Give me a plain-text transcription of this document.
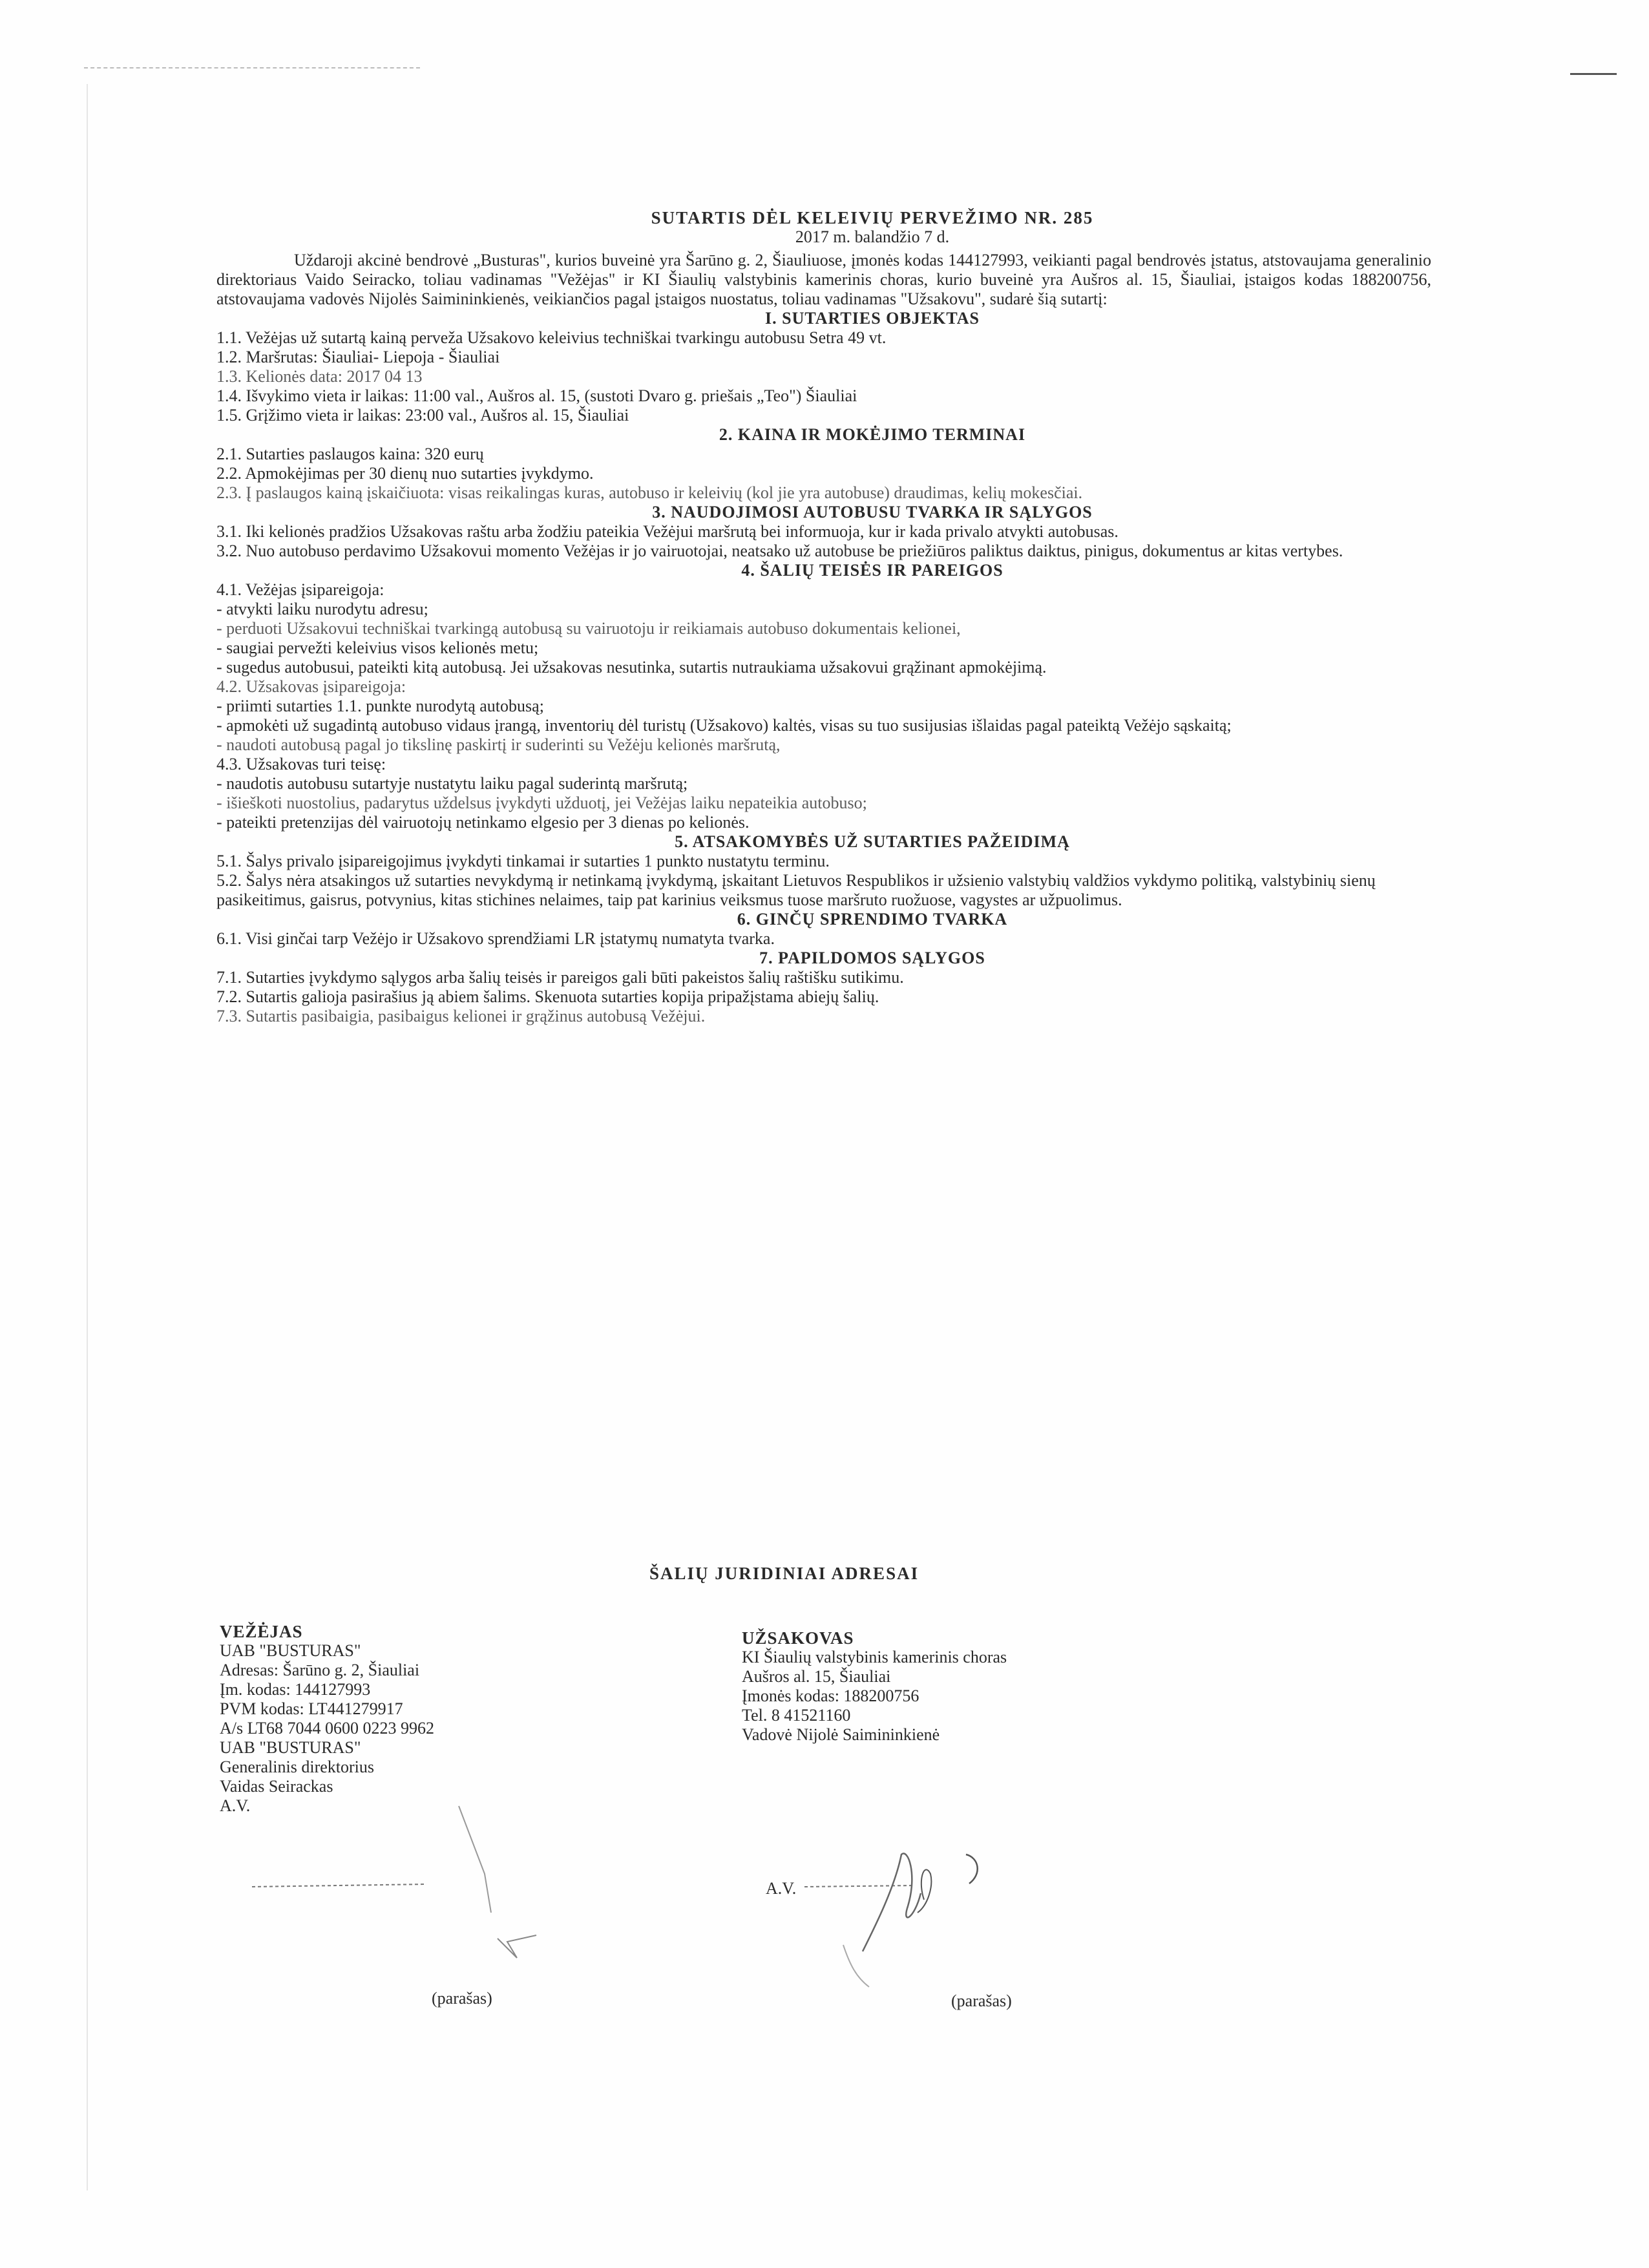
SUTARTIS DĖL KELEIVIŲ PERVEŽIMO NR. 285
2017 m. balandžio 7 d.

Uždaroji akcinė bendrovė „Busturas", kurios buveinė yra Šarūno g. 2, Šiauliuose, įmonės kodas 144127993, veikianti pagal bendrovės įstatus, atstovaujama generalinio direktoriaus Vaido Seirackо, toliau vadinamas "Vežėjas" ir KI Šiaulių valstybinis kamerinis choras, kurio buveinė yra Aušros al. 15, Šiauliai, įstaigos kodas 188200756, atstovaujama vadovės Nijolės Saimininkienės, veikiančios pagal įstaigos nuostatus, toliau vadinamas "Užsakovu", sudarė šią sutartį:

I. SUTARTIES OBJEKTAS

1.1. Vežėjas už sutartą kainą perveža Užsakovo keleivius techniškai tvarkingu autobusu Setra 49 vt.

1.2. Maršrutas: Šiauliai- Liepoja - Šiauliai

1.3. Kelionės data: 2017 04 13

1.4. Išvykimo vieta ir laikas: 11:00 val., Aušros al. 15, (sustoti Dvaro g. priešais „Teo") Šiauliai

1.5. Grįžimo vieta ir laikas: 23:00 val., Aušros al. 15, Šiauliai

2. KAINA IR MOKĖJIMO TERMINAI

2.1. Sutarties paslaugos kaina: 320 eurų

2.2. Apmokėjimas per 30 dienų nuo sutarties įvykdymo.

2.3. Į paslaugos kainą įskaičiuota: visas reikalingas kuras, autobuso ir keleivių (kol jie yra autobuse) draudimas, kelių mokesčiai.

3. NAUDOJIMOSI AUTOBUSU TVARKA IR SĄLYGOS

3.1. Iki kelionės pradžios Užsakovas raštu arba žodžiu pateikia Vežėjui maršrutą bei informuoja, kur ir kada privalo atvykti autobusas.

3.2. Nuo autobuso perdavimo Užsakovui momento Vežėjas ir jo vairuotojai, neatsako už autobuse be priežiūros paliktus daiktus, pinigus, dokumentus ar kitas vertybes.

4. ŠALIŲ TEISĖS IR PAREIGOS

4.1. Vežėjas įsipareigoja:

- atvykti laiku nurodytu adresu;

- perduoti Užsakovui techniškai tvarkingą autobusą su vairuotoju ir reikiamais autobuso dokumentais kelionei,

- saugiai pervežti keleivius visos kelionės metu;

- sugedus autobusui, pateikti kitą autobusą. Jei užsakovas nesutinka, sutartis nutraukiama užsakovui grąžinant apmokėjimą.

4.2. Užsakovas įsipareigoja:

- priimti sutarties 1.1. punkte nurodytą autobusą;

- apmokėti už sugadintą autobuso vidaus įrangą, inventorių dėl turistų (Užsakovo) kaltės, visas su tuo susijusias išlaidas pagal pateiktą Vežėjo sąskaitą;

- naudoti autobusą pagal jo tikslinę paskirtį ir suderinti su Vežėju kelionės maršrutą,

4.3. Užsakovas turi teisę:

- naudotis autobusu sutartyje nustatytu laiku pagal suderintą maršrutą;

- išieškoti nuostolius, padarytus uždelsus įvykdyti užduotį, jei Vežėjas laiku nepateikia autobuso;

- pateikti pretenzijas dėl vairuotojų netinkamo elgesio per 3 dienas po kelionės.

5. ATSAKOMYBĖS UŽ SUTARTIES PAŽEIDIMĄ

5.1. Šalys privalo įsipareigojimus įvykdyti tinkamai ir sutarties 1 punkto nustatytu terminu.

5.2. Šalys nėra atsakingos už sutarties nevykdymą ir netinkamą įvykdymą, įskaitant Lietuvos Respublikos ir užsienio valstybių valdžios vykdymo politiką, valstybinių sienų pasikeitimus, gaisrus, potvynius, kitas stichines nelaimes, taip pat karinius veiksmus tuose maršruto ruožuose, vagystes ar užpuolimus.

6. GINČŲ SPRENDIMO TVARKA

6.1. Visi ginčai tarp Vežėjo ir Užsakovo sprendžiami LR įstatymų numatyta tvarka.

7. PAPILDOMOS SĄLYGOS

7.1. Sutarties įvykdymo sąlygos arba šalių teisės ir pareigos gali būti pakeistos šalių raštišku sutikimu.

7.2. Sutartis galioja pasirašius ją abiem šalims. Skenuota sutarties kopija pripažįstama abiejų šalių.

7.3. Sutartis pasibaigia, pasibaigus kelionei ir grąžinus autobusą Vežėjui.

ŠALIŲ JURIDINIAI ADRESAI
VEŽĖJAS
UAB "BUSTURAS"
Adresas: Šarūno g. 2, Šiauliai
Įm. kodas: 144127993
PVM kodas: LT441279917
A/s LT68 7044 0600 0223 9962
UAB "BUSTURAS"
Generalinis direktorius
Vaidas Seirackas
A.V.
UŽSAKOVAS
KI Šiaulių valstybinis kamerinis choras
Aušros al. 15, Šiauliai
Įmonės kodas: 188200756
Tel. 8 41521160
Vadovė Nijolė Saimininkienė
A.V.
(parašas)	(parašas)
